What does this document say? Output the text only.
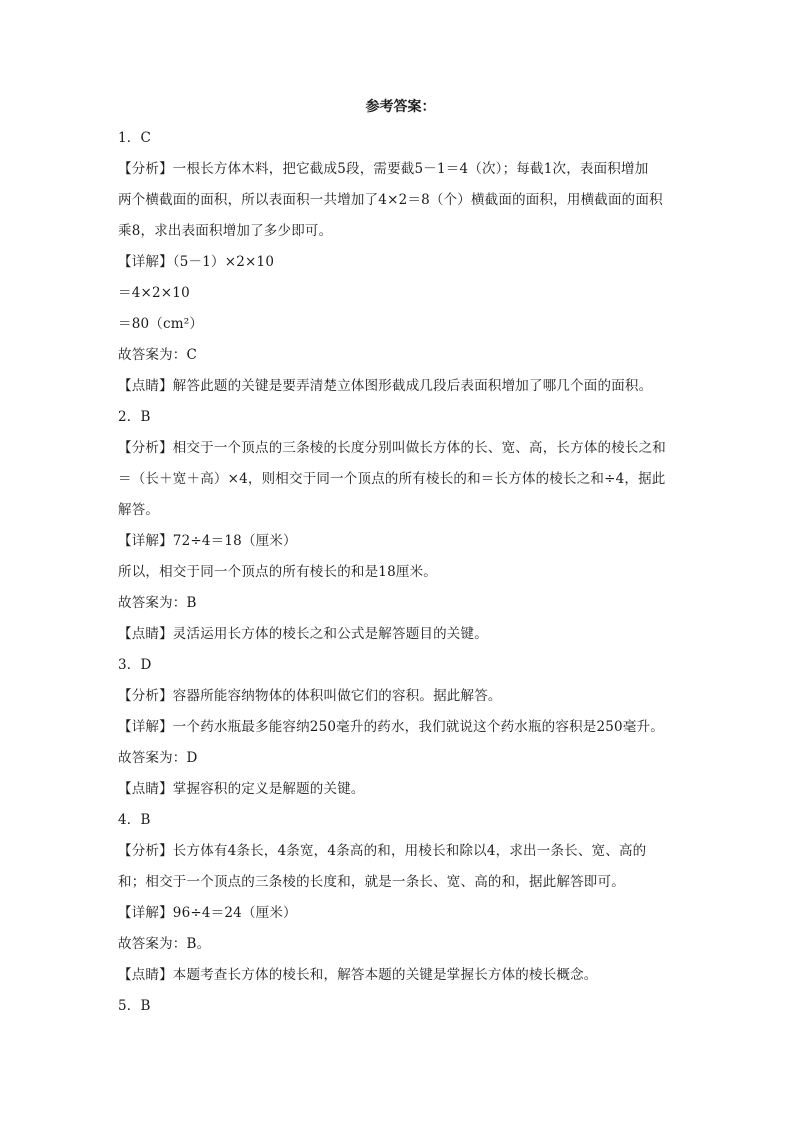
参考答案：

1．C

【分析】一根长方体木料，把它截成5段，需要截5－1＝4（次）；每截1次，表面积增加

两个横截面的面积，所以表面积一共增加了4×2＝8（个）横截面的面积，用横截面的面积

乘8，求出表面积增加了多少即可。

【详解】（5－1）×2×10

＝4×2×10

＝80（cm²）

故答案为：C

【点睛】解答此题的关键是要弄清楚立体图形截成几段后表面积增加了哪几个面的面积。

2．B

【分析】相交于一个顶点的三条棱的长度分别叫做长方体的长、宽、高，长方体的棱长之和

＝（长＋宽＋高）×4，则相交于同一个顶点的所有棱长的和＝长方体的棱长之和÷4，据此

解答。

【详解】72÷4＝18（厘米）

所以，相交于同一个顶点的所有棱长的和是18厘米。

故答案为：B

【点睛】灵活运用长方体的棱长之和公式是解答题目的关键。

3．D

【分析】容器所能容纳物体的体积叫做它们的容积。据此解答。

【详解】一个药水瓶最多能容纳250毫升的药水，我们就说这个药水瓶的容积是250毫升。

故答案为：D

【点睛】掌握容积的定义是解题的关键。

4．B

【分析】长方体有4条长，4条宽，4条高的和，用棱长和除以4，求出一条长、宽、高的

和；相交于一个顶点的三条棱的长度和，就是一条长、宽、高的和，据此解答即可。

【详解】96÷4＝24（厘米）

故答案为：B。

【点睛】本题考查长方体的棱长和，解答本题的关键是掌握长方体的棱长概念。

5．B
